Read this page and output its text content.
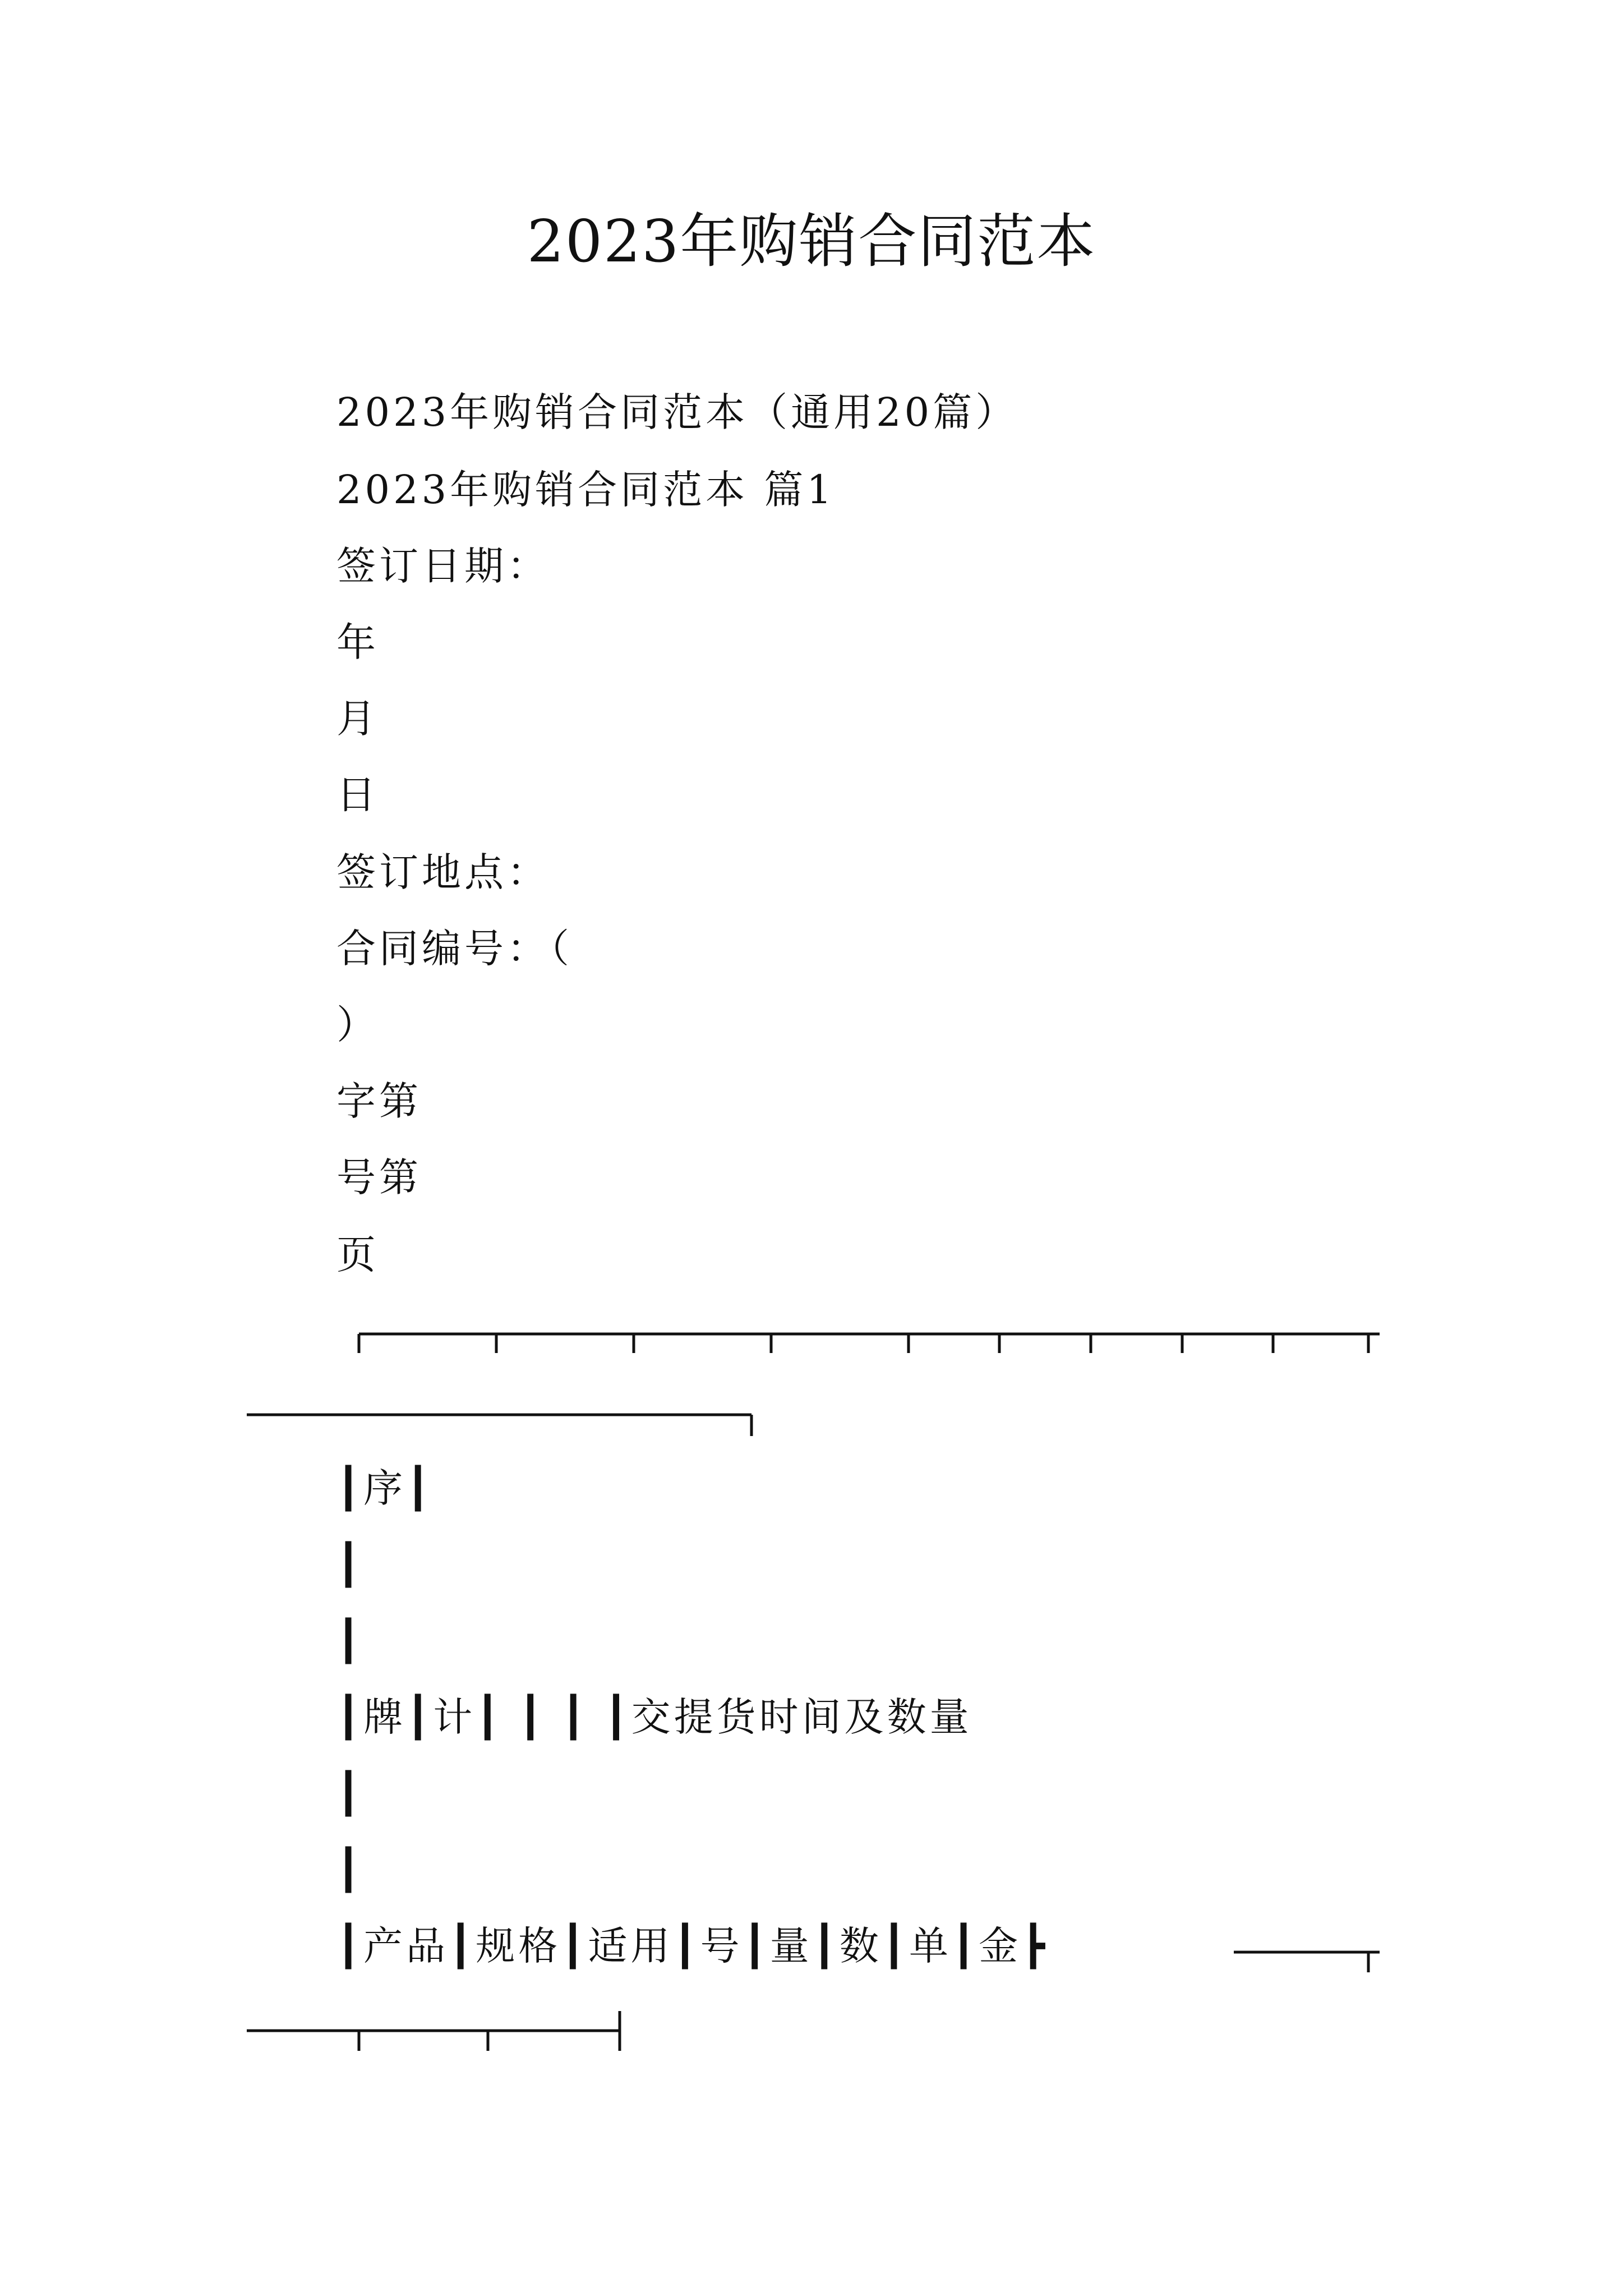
2023年购销合同范本
2023年购销合同范本（通用20篇）
2023年购销合同范本 篇1
签订日期：
年
月
日
签订地点：
合同编号：（
）
字第
号第
页
┃序┃
┃
┃
┃牌┃计┃ ┃ ┃ ┃交提货时间及数量
┃
┃
┃产品┃规格┃适用┃号┃量┃数┃单┃金┣
